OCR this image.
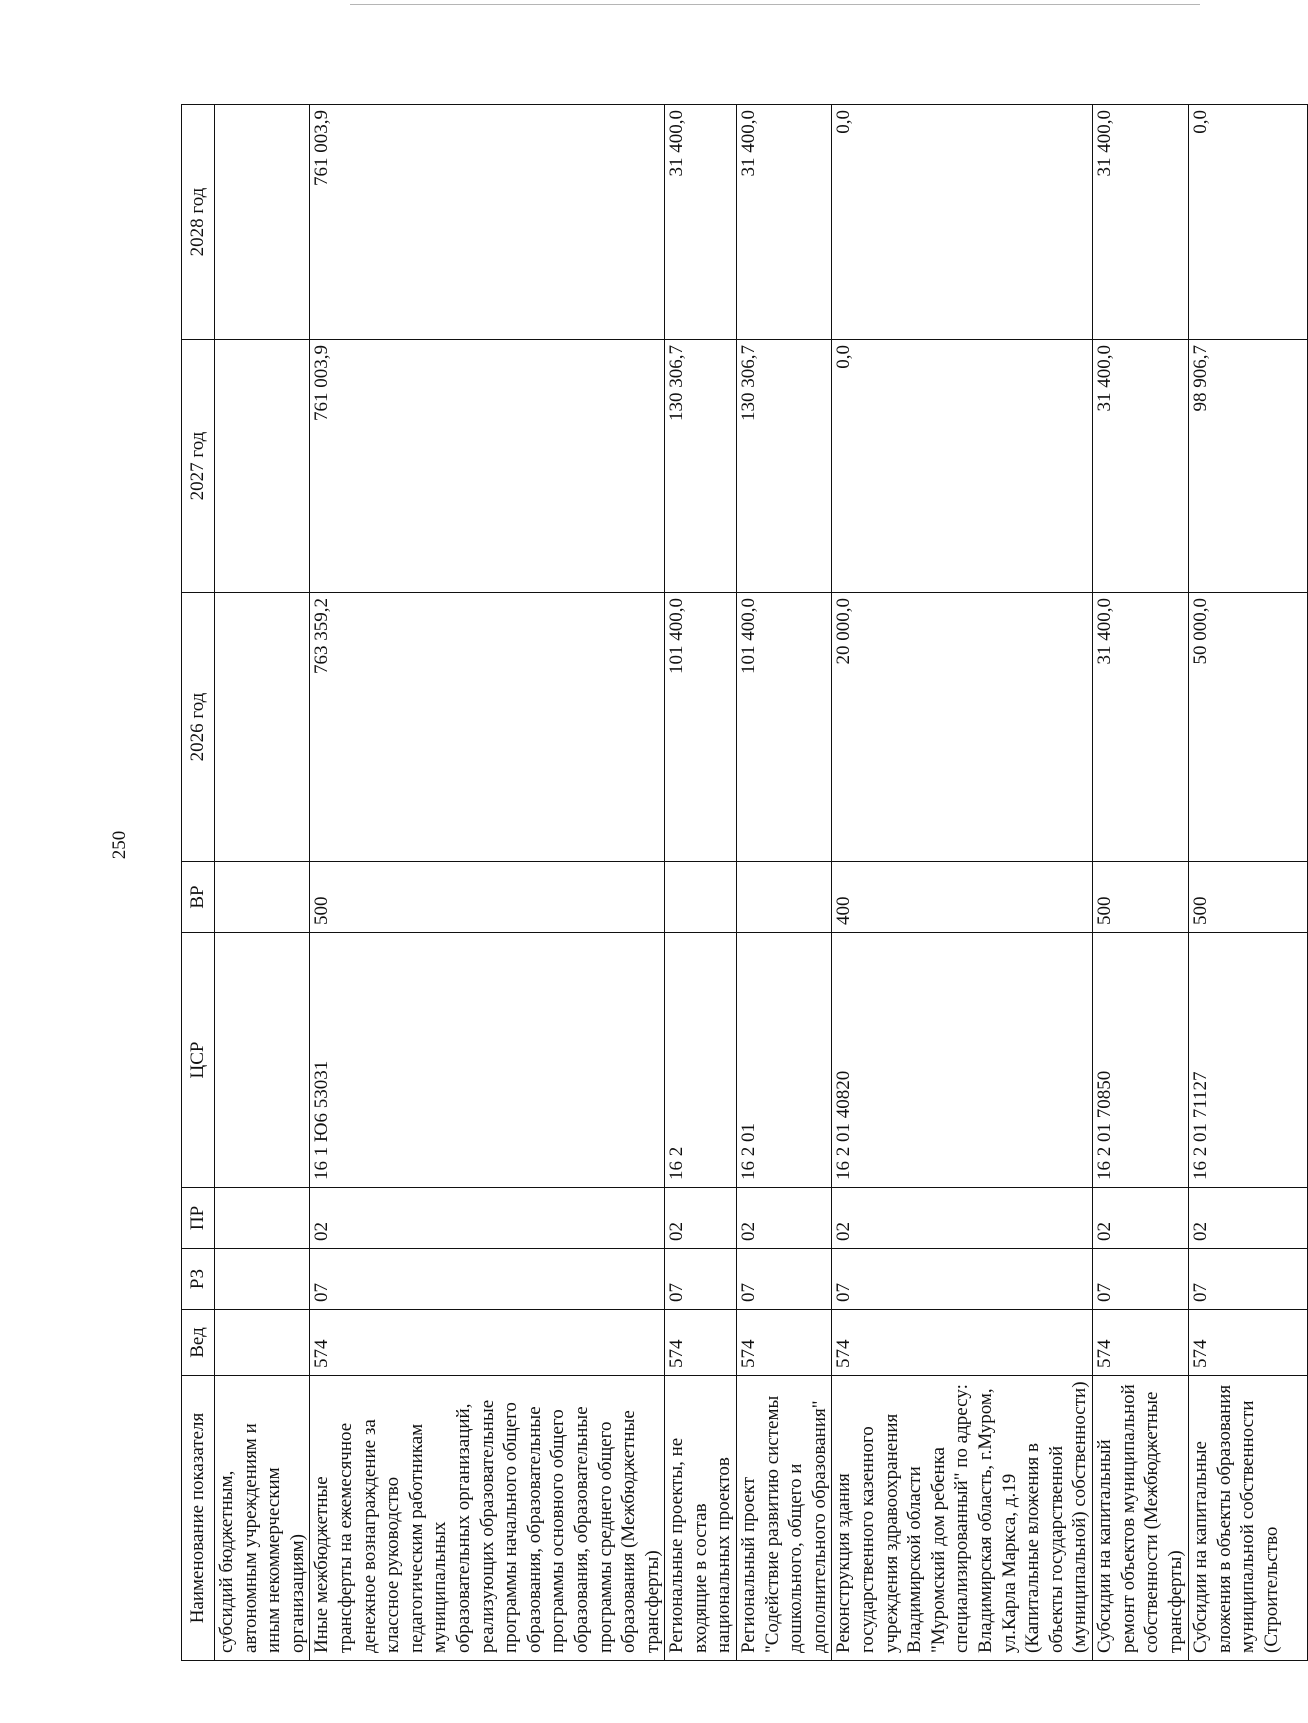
250
Наименование показателя	Вед	РЗ	ПР	ЦСР	ВР	2026 год	2027 год	2028 год
субсидий бюджетным, автономным учреждениям и иным некоммерческим организациям)								
Иные межбюджетные трансферты на ежемесячное денежное вознаграждение за классное руководство педагогическим работникам муниципальных образовательных организаций, реализующих образовательные программы начального общего образования, образовательные программы основного общего образования, образовательные программы среднего общего образования (Межбюджетные трансферты)	574	07	02	16 1 Ю6 53031	500	763 359,2	761 003,9	761 003,9
Региональные проекты, не входящие в состав национальных проектов	574	07	02	16 2		101 400,0	130 306,7	31 400,0
Региональный проект "Содействие развитию системы дошкольного, общего и дополнительного образования"	574	07	02	16 2 01		101 400,0	130 306,7	31 400,0
Реконструкция здания государственного казенного учреждения здравоохранения Владимирской области "Муромский дом ребенка специализированный" по адресу: Владимирская область, г.Муром, ул.Карла Маркса, д.19 (Капитальные вложения в объекты государственной (муниципальной) собственности)	574	07	02	16 2 01 40820	400	20 000,0	0,0	0,0
Субсидии на капитальный ремонт объектов муниципальной собственности (Межбюджетные трансферты)	574	07	02	16 2 01 70850	500	31 400,0	31 400,0	31 400,0
Субсидии на капитальные вложения в объекты образования муниципальной собственности (Строительство	574	07	02	16 2 01 71127	500	50 000,0	98 906,7	0,0
